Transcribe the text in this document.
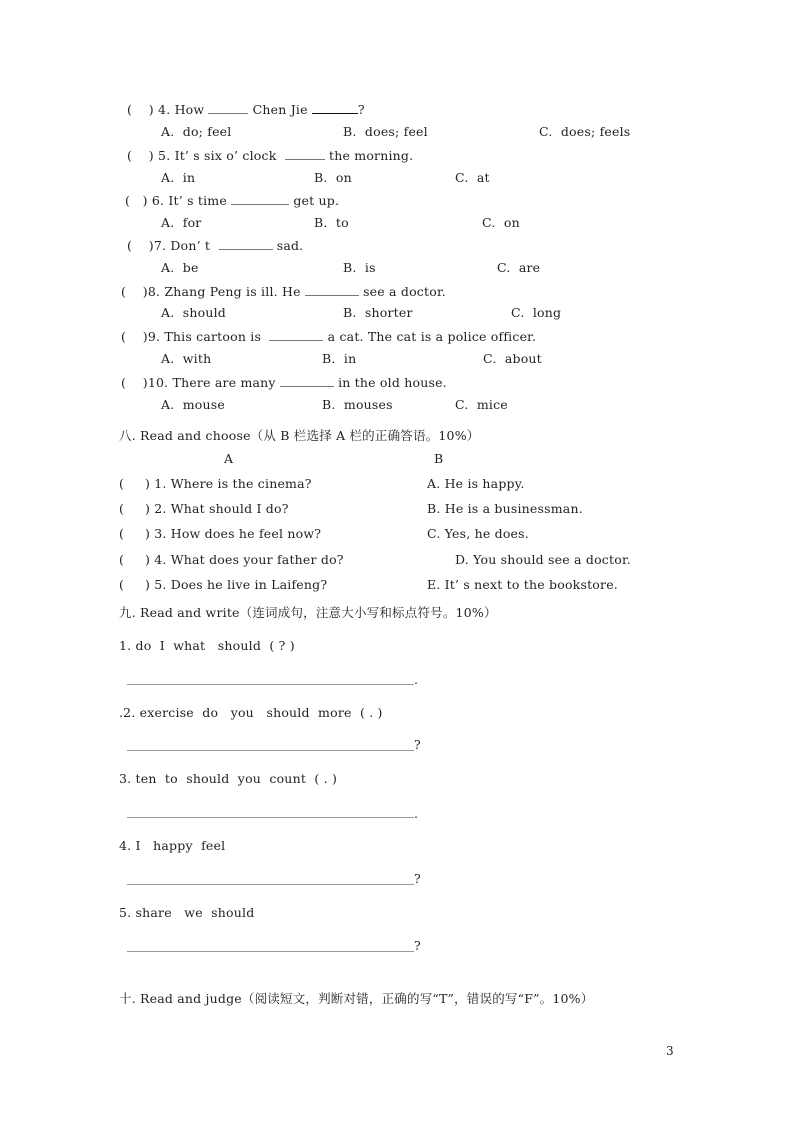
(    ) 4. How	Chen Jie	?
A.  do; feel	B.  does; feel	C.  does; feels
(    ) 5. It’ s six o’ clock	the morning.
A.  in	B.  on	C.  at
(   ) 6. It’ s time	get up.
A.  for	B.  to	C.  on
(    )7. Don’ t	sad.
A.  be	B.  is	C.  are
(    )8. Zhang Peng is ill. He	see a doctor.
A.  should	B.  shorter	C.  long
(    )9. This cartoon is	a cat. The cat is a police officer.
A.  with	B.  in	C.  about
(    )10. There are many	in the old house.
A.  mouse	B.  mouses	C.  mice
八. Read and choose（从 B 栏选择 A 栏的正确答语。10%）
A	B
(     ) 1. Where is the cinema?	A. He is happy.
(     ) 2. What should I do?	B. He is a businessman.
(     ) 3. How does he feel now?	C. Yes, he does.
(     ) 4. What does your father do?	D. You should see a doctor.
(     ) 5. Does he live in Laifeng?	E. It’ s next to the bookstore.
九. Read and write（连词成句，注意大小写和标点符号。10%）
1. do  I  what   should  ( ? )
.
.2. exercise  do   you   should  more  ( . )
?
3. ten  to  should  you  count  ( . )
.
4. I   happy  feel
?
5. share   we  should
?
十. Read and judge（阅读短文，判断对错，正确的写“T”，错误的写“F”。10%）
3
